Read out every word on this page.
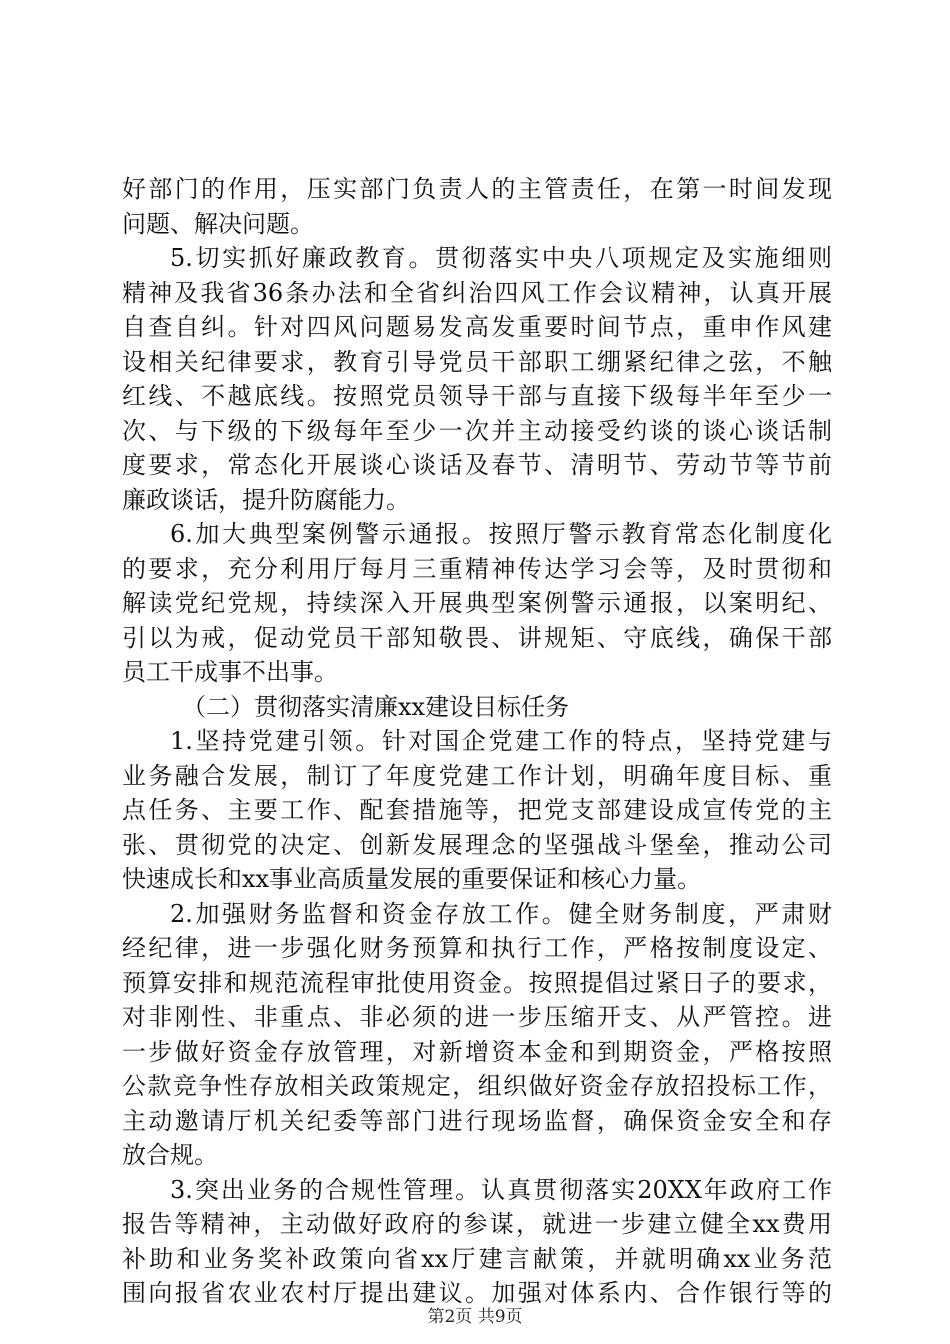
好部门的作用，压实部门负责人的主管责任，在第一时间发现
问题、解决问题。
5.切实抓好廉政教育。贯彻落实中央八项规定及实施细则
精神及我省36条办法和全省纠治四风工作会议精神，认真开展
自查自纠。针对四风问题易发高发重要时间节点，重申作风建
设相关纪律要求，教育引导党员干部职工绷紧纪律之弦，不触
红线、不越底线。按照党员领导干部与直接下级每半年至少一
次、与下级的下级每年至少一次并主动接受约谈的谈心谈话制
度要求，常态化开展谈心谈话及春节、清明节、劳动节等节前
廉政谈话，提升防腐能力。
6.加大典型案例警示通报。按照厅警示教育常态化制度化
的要求，充分利用厅每月三重精神传达学习会等，及时贯彻和
解读党纪党规，持续深入开展典型案例警示通报，以案明纪、
引以为戒，促动党员干部知敬畏、讲规矩、守底线，确保干部
员工干成事不出事。
（二）贯彻落实清廉xx建设目标任务
1.坚持党建引领。针对国企党建工作的特点，坚持党建与
业务融合发展，制订了年度党建工作计划，明确年度目标、重
点任务、主要工作、配套措施等，把党支部建设成宣传党的主
张、贯彻党的决定、创新发展理念的坚强战斗堡垒，推动公司
快速成长和xx事业高质量发展的重要保证和核心力量。
2.加强财务监督和资金存放工作。健全财务制度，严肃财
经纪律，进一步强化财务预算和执行工作，严格按制度设定、
预算安排和规范流程审批使用资金。按照提倡过紧日子的要求，
对非刚性、非重点、非必须的进一步压缩开支、从严管控。进
一步做好资金存放管理，对新增资本金和到期资金，严格按照
公款竞争性存放相关政策规定，组织做好资金存放招投标工作，
主动邀请厅机关纪委等部门进行现场监督，确保资金安全和存
放合规。
3.突出业务的合规性管理。认真贯彻落实20XX年政府工作
报告等精神，主动做好政府的参谋，就进一步建立健全xx费用
补助和业务奖补政策向省xx厅建言献策，并就明确xx业务范
围向报省农业农村厅提出建议。加强对体系内、合作银行等的
第2页 共9页
